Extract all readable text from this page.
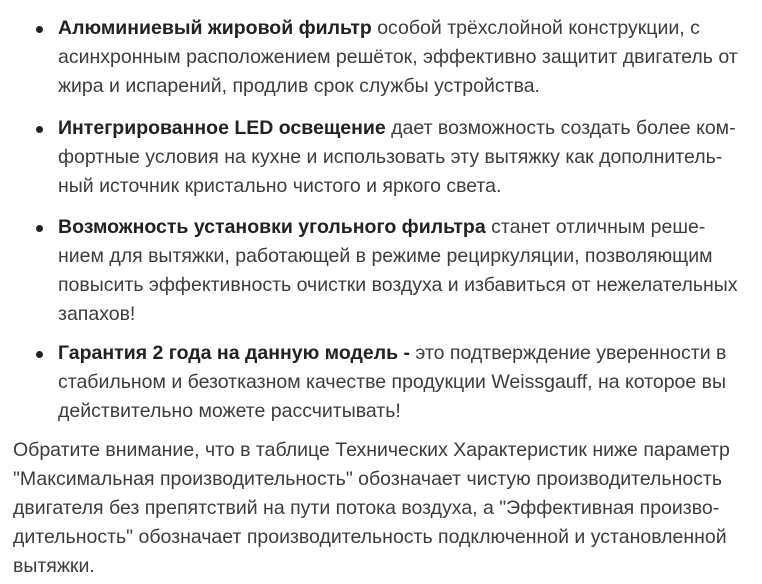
Алюминиевый жировой фильтр особой трёхслойной конструкции, с
асинхронным расположением решёток, эффективно защитит двигатель от
жира и испарений, продлив срок службы устройства.
Интегрированное LED освещение дает возможность создать более ком-
фортные условия на кухне и использовать эту вытяжку как дополнитель-
ный источник кристально чистого и яркого света.
Возможность установки угольного фильтра станет отличным реше-
нием для вытяжки, работающей в режиме рециркуляции, позволяющим
повысить эффективность очистки воздуха и избавиться от нежелательных
запахов!
Гарантия 2 года на данную модель - это подтверждение уверенности в
стабильном и безотказном качестве продукции Weissgauff, на которое вы
действительно можете рассчитывать!

Обратите внимание, что в таблице Технических Характеристик ниже параметр
"Максимальная производительность" обозначает чистую производительность
двигателя без препятствий на пути потока воздуха, а "Эффективная произво-
дительность" обозначает производительность подключенной и установленной
вытяжки.
